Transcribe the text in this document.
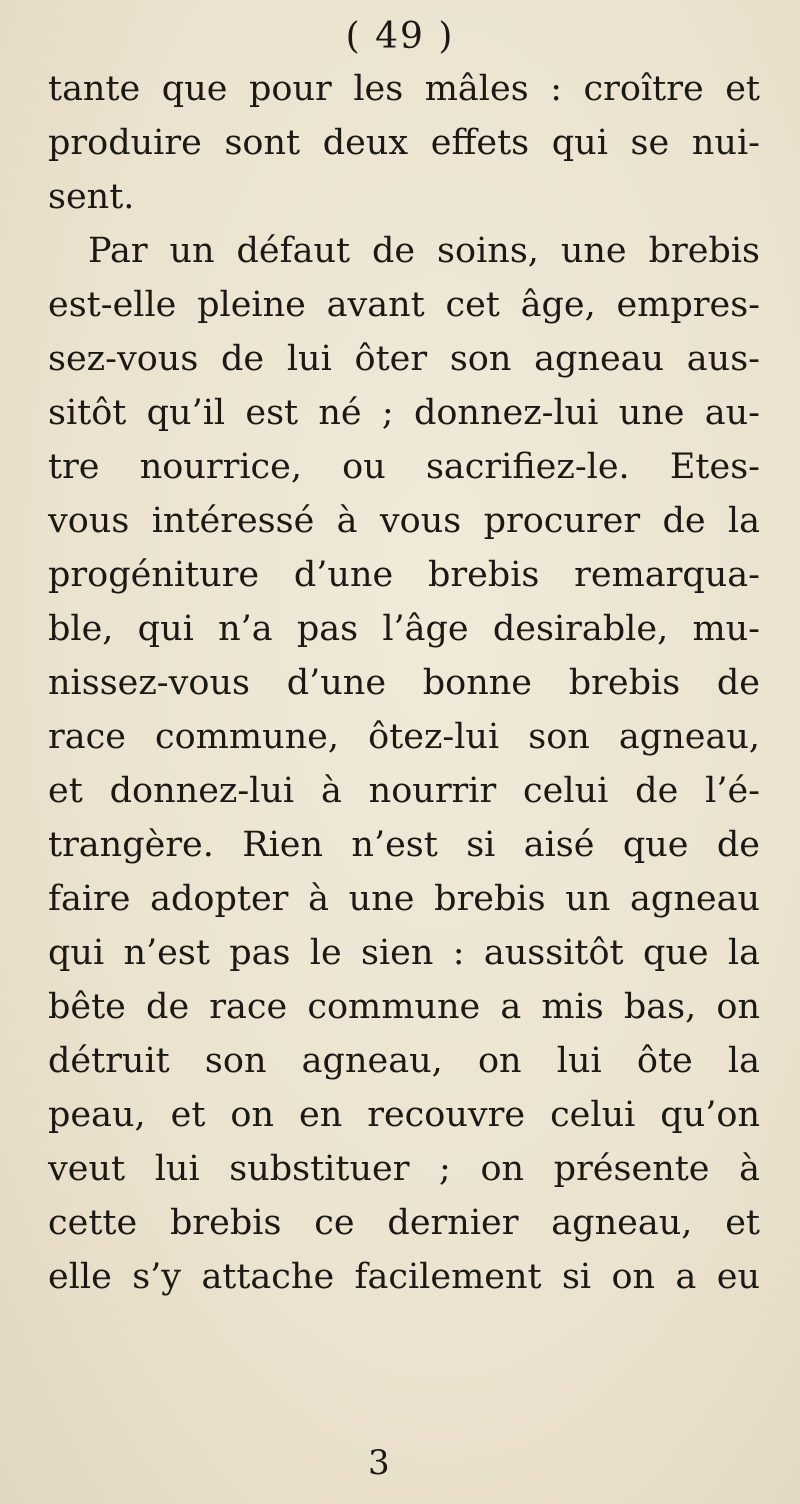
( 49 )
tante que pour les mâles : croître et
produire sont deux effets qui se nui-
sent.
Par un défaut de soins, une brebis
est-elle pleine avant cet âge, empres-
sez-vous de lui ôter son agneau aus-
sitôt qu’il est né ; donnez-lui une au-
tre nourrice, ou sacrifiez-le. Etes-
vous intéressé à vous procurer de la
progéniture d’une brebis remarqua-
ble, qui n’a pas l’âge desirable, mu-
nissez-vous d’une bonne brebis de
race commune, ôtez-lui son agneau,
et donnez-lui à nourrir celui de l’é-
trangère. Rien n’est si aisé que de
faire adopter à une brebis un agneau
qui n’est pas le sien : aussitôt que la
bête de race commune a mis bas, on
détruit son agneau, on lui ôte la
peau, et on en recouvre celui qu’on
veut lui substituer ; on présente à
cette brebis ce dernier agneau, et
elle s’y attache facilement si on a eu
3
